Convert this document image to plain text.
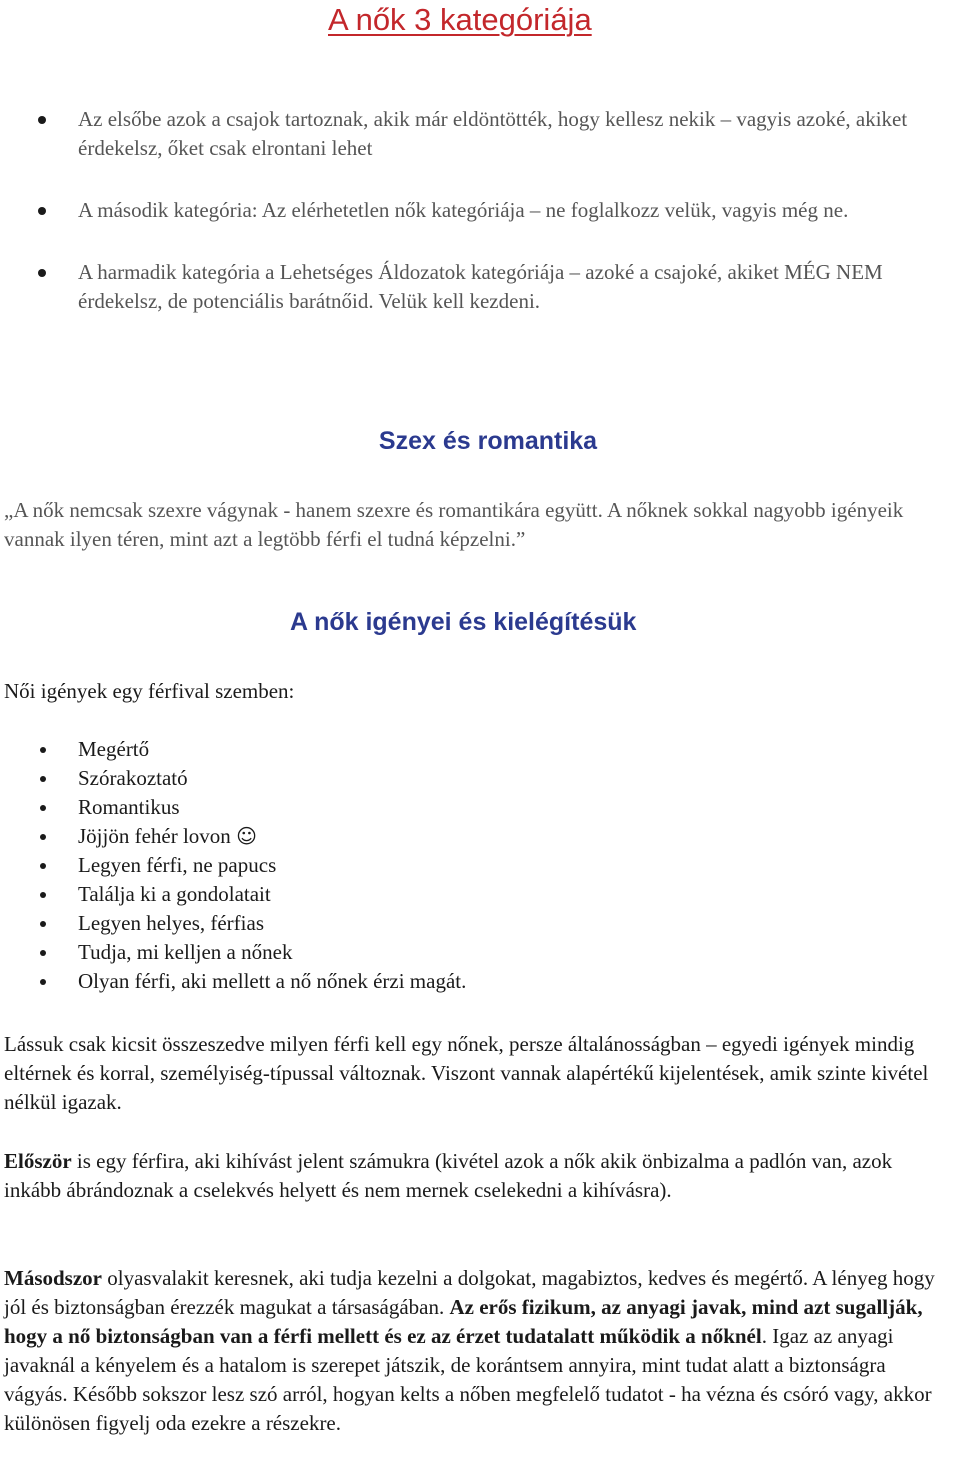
A nők 3 kategóriája
Az elsőbe azok a csajok tartoznak, akik már eldöntötték, hogy kellesz nekik – vagyis azoké, akiket érdekelsz, őket csak elrontani lehet
A második kategória: Az elérhetetlen nők kategóriája – ne foglalkozz velük, vagyis még ne.
A harmadik kategória a Lehetséges Áldozatok kategóriája – azoké a csajoké, akiket MÉG NEM érdekelsz, de potenciális barátnőid. Velük kell kezdeni.
Szex és romantika

„A nők nemcsak szexre vágynak - hanem szexre és romantikára együtt. A nőknek sokkal nagyobb igényeik vannak ilyen téren, mint azt a legtöbb férfi el tudná képzelni.”

A nők igényei és kielégítésük

Női igények egy férfival szemben:

Megértő
Szórakoztató
Romantikus
Jöjjön fehér lovon ☺
Legyen férfi, ne papucs
Találja ki a gondolatait
Legyen helyes, férfias
Tudja, mi kelljen a nőnek
Olyan férfi, aki mellett a nő nőnek érzi magát.

Lássuk csak kicsit összeszedve milyen férfi kell egy nőnek, persze általánosságban – egyedi igények mindig eltérnek és korral, személyiség-típussal változnak. Viszont vannak alapértékű kijelentések, amik szinte kivétel nélkül igazak.

Először is egy férfira, aki kihívást jelent számukra (kivétel azok a nők akik önbizalma a padlón van, azok inkább ábrándoznak a cselekvés helyett és nem mernek cselekedni a kihívásra).

Másodszor olyasvalakit keresnek, aki tudja kezelni a dolgokat, magabiztos, kedves és megértő. A lényeg hogy jól és biztonságban érezzék magukat a társaságában. Az erős fizikum, az anyagi javak, mind azt sugallják, hogy a nő biztonságban van a férfi mellett és ez az érzet tudatalatt működik a nőknél. Igaz az anyagi javaknál a kényelem és a hatalom is szerepet játszik, de korántsem annyira, mint tudat alatt a biztonságra vágyás. Később sokszor lesz szó arról, hogyan kelts a nőben megfelelő tudatot - ha vézna és csóró vagy, akkor különösen figyelj oda ezekre a részekre.
